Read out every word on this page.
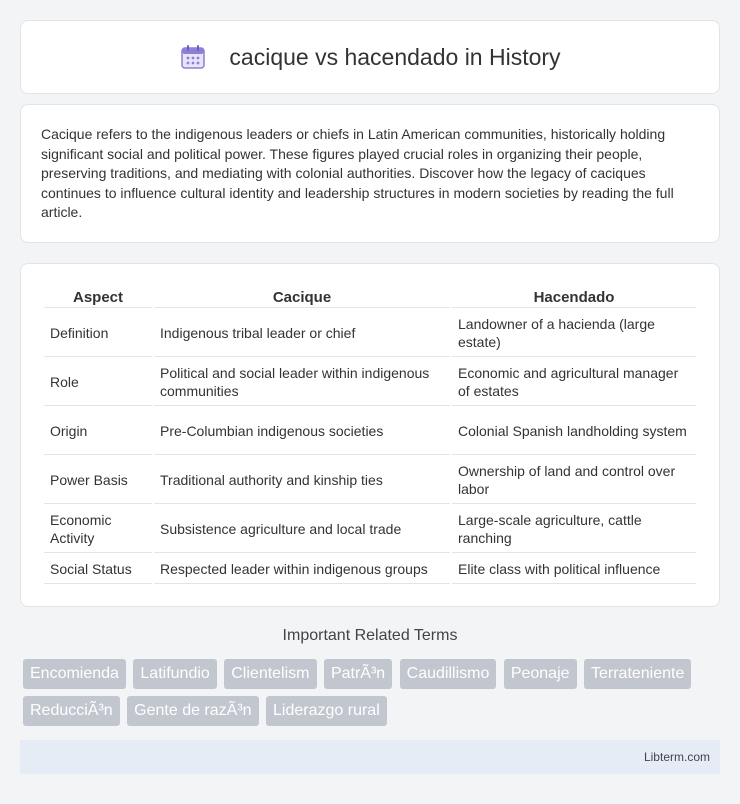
cacique vs hacendado in History

Cacique refers to the indigenous leaders or chiefs in Latin American communities, historically holding significant social and political power. These figures played crucial roles in organizing their people, preserving traditions, and mediating with colonial authorities. Discover how the legacy of caciques continues to influence cultural identity and leadership structures in modern societies by reading the full article.

Aspect	Cacique	Hacendado
Definition	Indigenous tribal leader or chief	Landowner of a hacienda (large estate)
Role	Political and social leader within indigenous communities	Economic and agricultural manager of estates
Origin	Pre-Columbian indigenous societies	Colonial Spanish landholding system
Power Basis	Traditional authority and kinship ties	Ownership of land and control over labor
Economic Activity	Subsistence agriculture and local trade	Large-scale agriculture, cattle ranching
Social Status	Respected leader within indigenous groups	Elite class with political influence
Important Related Terms
Encomienda Latifundio Clientelism PatrÃ³n Caudillismo Peonaje Terrateniente ReducciÃ³n Gente de razÃ³n Liderazgo rural
Libterm.com
